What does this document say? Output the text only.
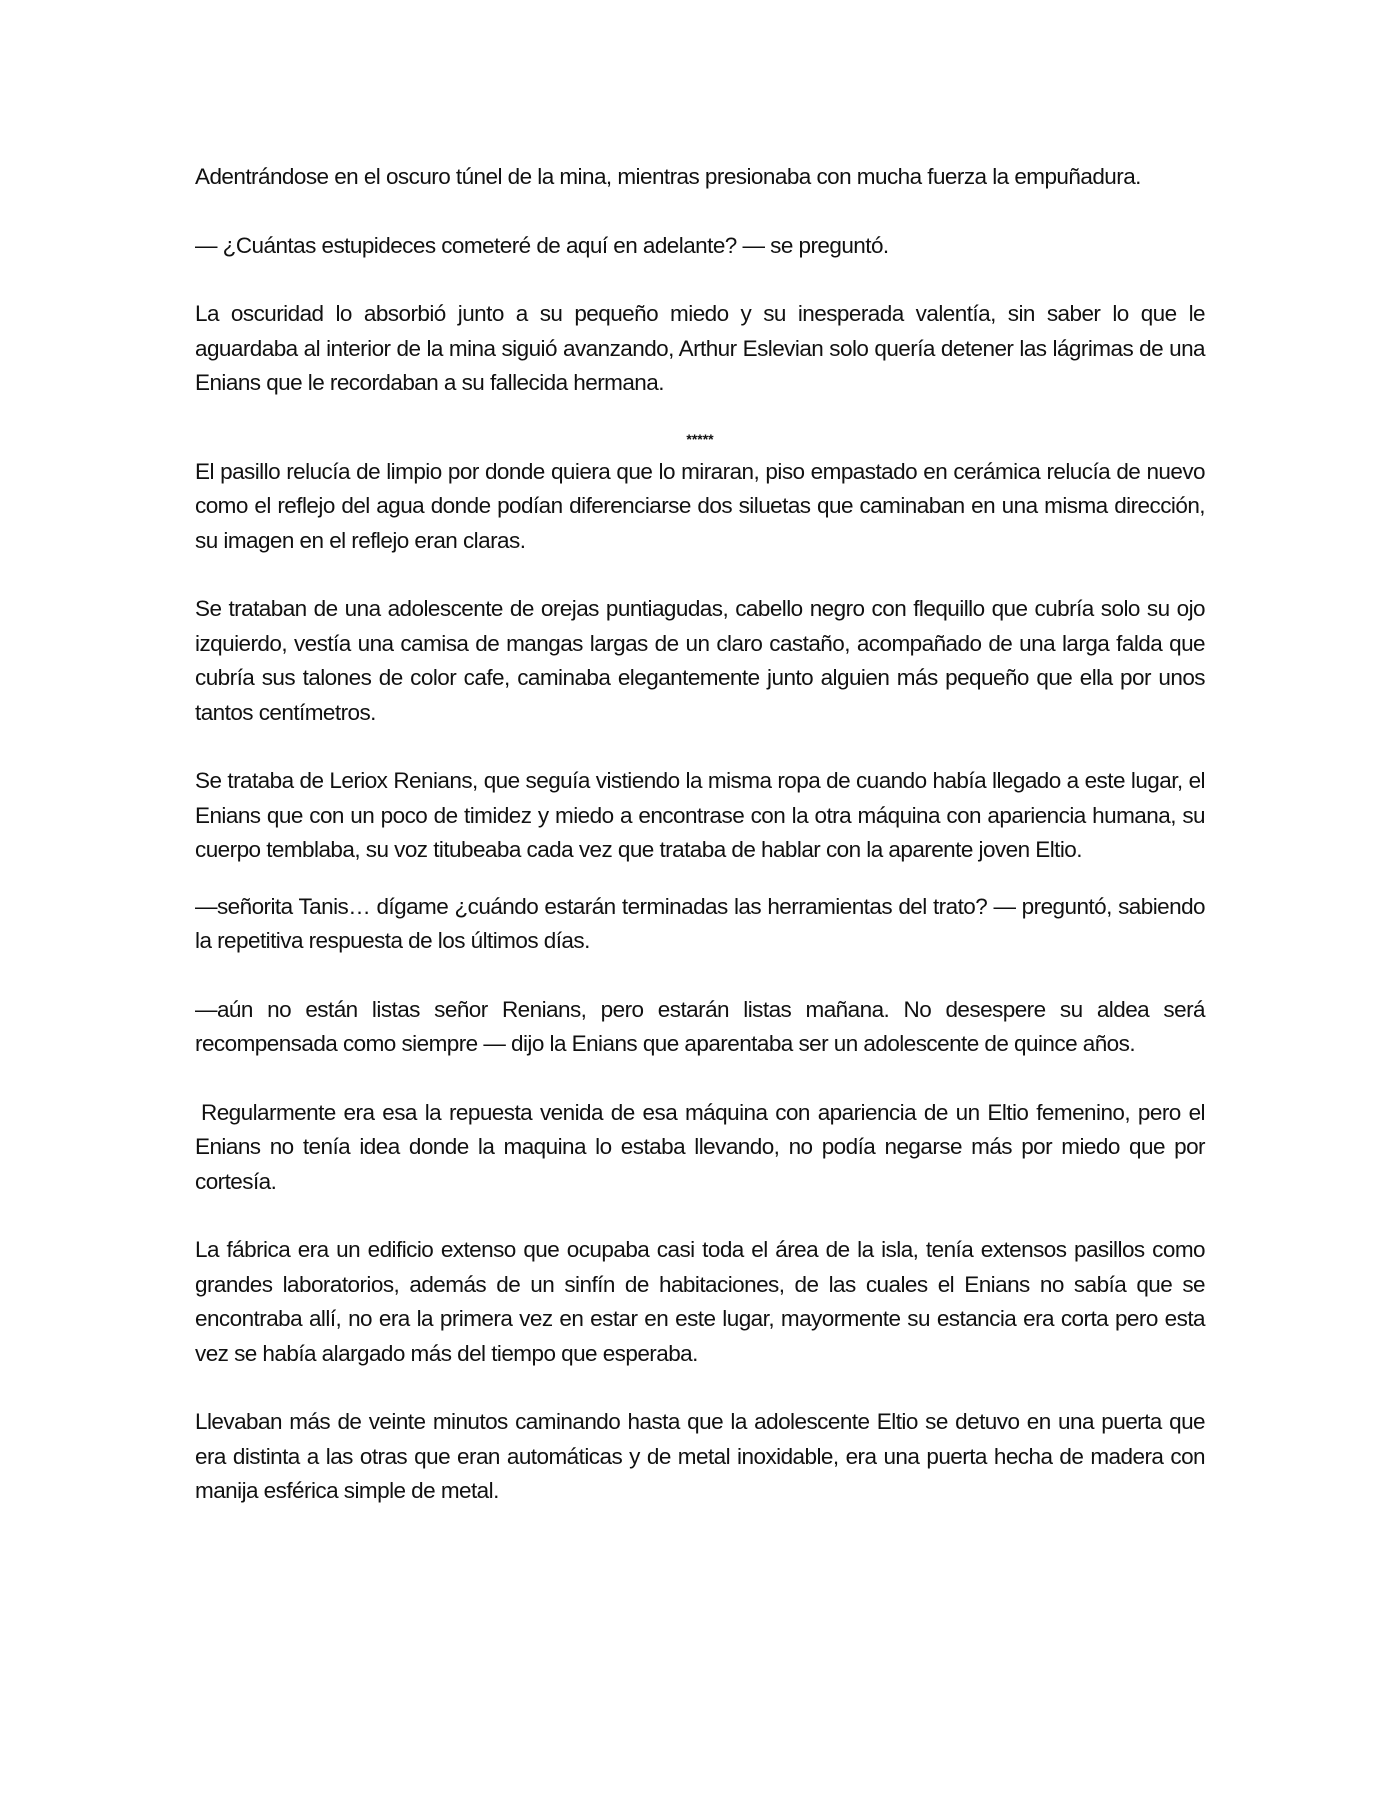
Adentrándose en el oscuro túnel de la mina, mientras presionaba con mucha fuerza la empuñadura.

— ¿Cuántas estupideces cometeré de aquí en adelante? — se preguntó.

La oscuridad lo absorbió junto a su pequeño miedo y su inesperada valentía, sin saber lo que le aguardaba al interior de la mina siguió avanzando, Arthur Eslevian solo quería detener las lágrimas de una Enians que le recordaban a su fallecida hermana.

*****

El pasillo relucía de limpio por donde quiera que lo miraran, piso empastado en cerámica relucía de nuevo como el reflejo del agua donde podían diferenciarse dos siluetas que caminaban en una misma dirección, su imagen en el reflejo eran claras.

Se trataban de una adolescente de orejas puntiagudas, cabello negro con flequillo que cubría solo su ojo izquierdo, vestía una camisa de mangas largas de un claro castaño, acompañado de una larga falda que cubría sus talones de color cafe, caminaba elegantemente junto alguien más pequeño que ella por unos tantos centímetros.

Se trataba de Leriox Renians, que seguía vistiendo la misma ropa de cuando había llegado a este lugar, el Enians que con un poco de timidez y miedo a encontrase con la otra máquina con apariencia humana, su cuerpo temblaba, su voz titubeaba cada vez que trataba de hablar con la aparente joven Eltio.

—señorita Tanis… dígame ¿cuándo estarán terminadas las herramientas del trato? — preguntó, sabiendo la repetitiva respuesta de los últimos días.

—aún no están listas señor Renians, pero estarán listas mañana. No desespere su aldea será recompensada como siempre — dijo la Enians que aparentaba ser un adolescente de quince años.

Regularmente era esa la repuesta venida de esa máquina con apariencia de un Eltio femenino, pero el Enians no tenía idea donde la maquina lo estaba llevando, no podía negarse más por miedo que por cortesía.

La fábrica era un edificio extenso que ocupaba casi toda el área de la isla, tenía extensos pasillos como grandes laboratorios, además de un sinfín de habitaciones, de las cuales el Enians no sabía que se encontraba allí, no era la primera vez en estar en este lugar, mayormente su estancia era corta pero esta vez se había alargado más del tiempo que esperaba.

Llevaban más de veinte minutos caminando hasta que la adolescente Eltio se detuvo en una puerta que era distinta a las otras que eran automáticas y de metal inoxidable, era una puerta hecha de madera con manija esférica simple de metal.
